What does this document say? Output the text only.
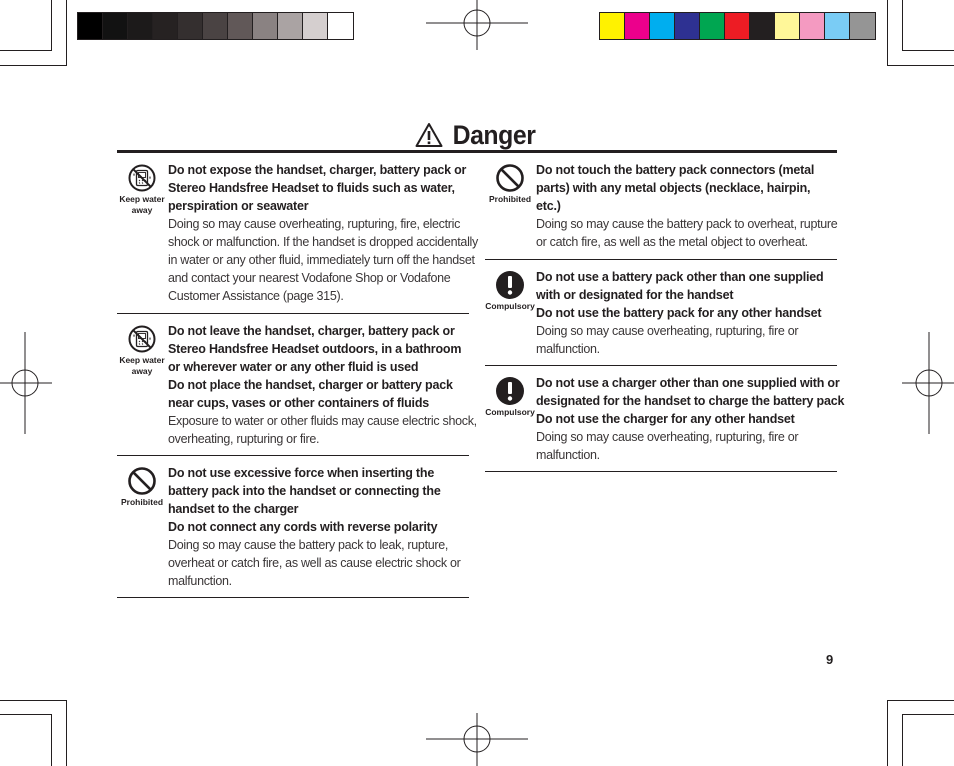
Danger
Keep water
away
Do not expose the handset, charger, battery pack or
Stereo Handsfree Headset to fluids such as water,
perspiration or seawater
Doing so may cause overheating, rupturing, fire, electric
shock or malfunction. If the handset is dropped accidentally
in water or any other fluid, immediately turn off the handset
and contact your nearest Vodafone Shop or Vodafone
Customer Assistance (page 315).
Keep water
away
Do not leave the handset, charger, battery pack or
Stereo Handsfree Headset outdoors, in a bathroom
or wherever water or any other fluid is used
Do not place the handset, charger or battery pack
near cups, vases or other containers of fluids
Exposure to water or other fluids may cause electric shock,
overheating, rupturing or fire.
Prohibited
Do not use excessive force when inserting the
battery pack into the handset or connecting the
handset to the charger
Do not connect any cords with reverse polarity
Doing so may cause the battery pack to leak, rupture,
overheat or catch fire, as well as cause electric shock or
malfunction.
Prohibited
Do not touch the battery pack connectors (metal
parts) with any metal objects (necklace, hairpin,
etc.)
Doing so may cause the battery pack to overheat, rupture
or catch fire, as well as the metal object to overheat.
Compulsory
Do not use a battery pack other than one supplied
with or designated for the handset
Do not use the battery pack for any other handset
Doing so may cause overheating, rupturing, fire or
malfunction.
Compulsory
Do not use a charger other than one supplied with or
designated for the handset to charge the battery pack
Do not use the charger for any other handset
Doing so may cause overheating, rupturing, fire or
malfunction.
9
